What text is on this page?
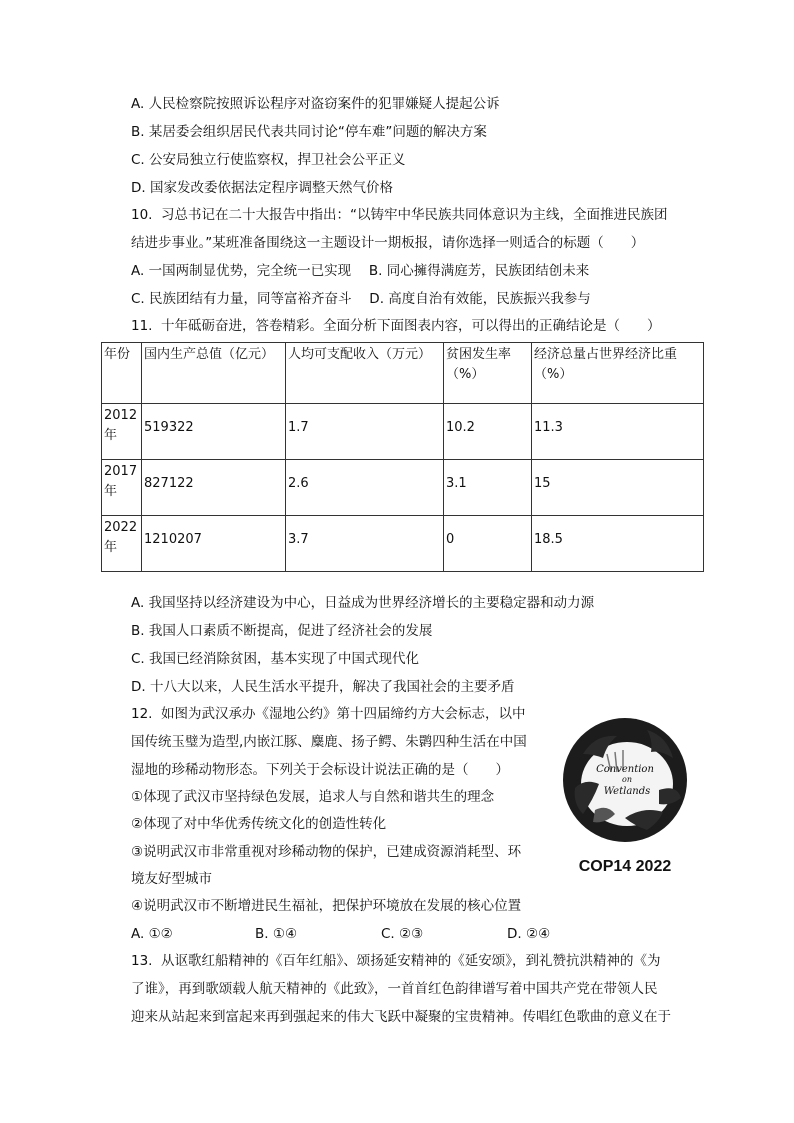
A. 人民检察院按照诉讼程序对盗窃案件的犯罪嫌疑人提起公诉
B. 某居委会组织居民代表共同讨论“停车难”问题的解决方案
C. 公安局独立行使监察权，捍卫社会公平正义
D. 国家发改委依据法定程序调整天然气价格
10. 习总书记在二十大报告中指出：“以铸牢中华民族共同体意识为主线，全面推进民族团
结进步事业。”某班准备围绕这一主题设计一期板报，请你选择一则适合的标题（　　）
A. 一国两制显优势，完全统一已实现　 B. 同心擁得满庭芳，民族团结创未来
C. 民族团结有力量，同等富裕齐奋斗　 D. 高度自治有效能，民族振兴我参与
11. 十年砥砺奋进，答卷精彩。全面分析下面图表内容，可以得出的正确结论是（　　）
年份	国内生产总值（亿元）	人均可支配收入（万元）	贫困发生率（%）	经济总量占世界经济比重（%）
2012年	519322	1.7	10.2	11.3
2017年	827122	2.6	3.1	15
2022年	1210207	3.7	0	18.5
A. 我国坚持以经济建设为中心，日益成为世界经济增长的主要稳定器和动力源
B. 我国人口素质不断提高，促进了经济社会的发展
C. 我国已经消除贫困，基本实现了中国式现代化
D. 十八大以来，人民生活水平提升，解决了我国社会的主要矛盾
12. 如图为武汉承办《湿地公约》第十四届缔约方大会标志，以中
国传统玉璧为造型,内嵌江豚、麋鹿、扬子鳄、朱鹮四种生活在中国
湿地的珍稀动物形态。下列关于会标设计说法正确的是（　　）
①体现了武汉市坚持绿色发展，追求人与自然和谐共生的理念
②体现了对中华优秀传统文化的创造性转化
③说明武汉市非常重视对珍稀动物的保护，已建成资源消耗型、环
境友好型城市
④说明武汉市不断增进民生福祉，把保护环境放在发展的核心位置
A. ①②	B. ①④	C. ②③	D. ②④
Convention
on
Wetlands
COP14 2022
13. 从讴歌红船精神的《百年红船》、颂扬延安精神的《延安颂》，到礼赞抗洪精神的《为
了谁》，再到歌颂载人航天精神的《此致》，一首首红色韵律谱写着中国共产党在带领人民
迎来从站起来到富起来再到强起来的伟大飞跃中凝聚的宝贵精神。传唱红色歌曲的意义在于
